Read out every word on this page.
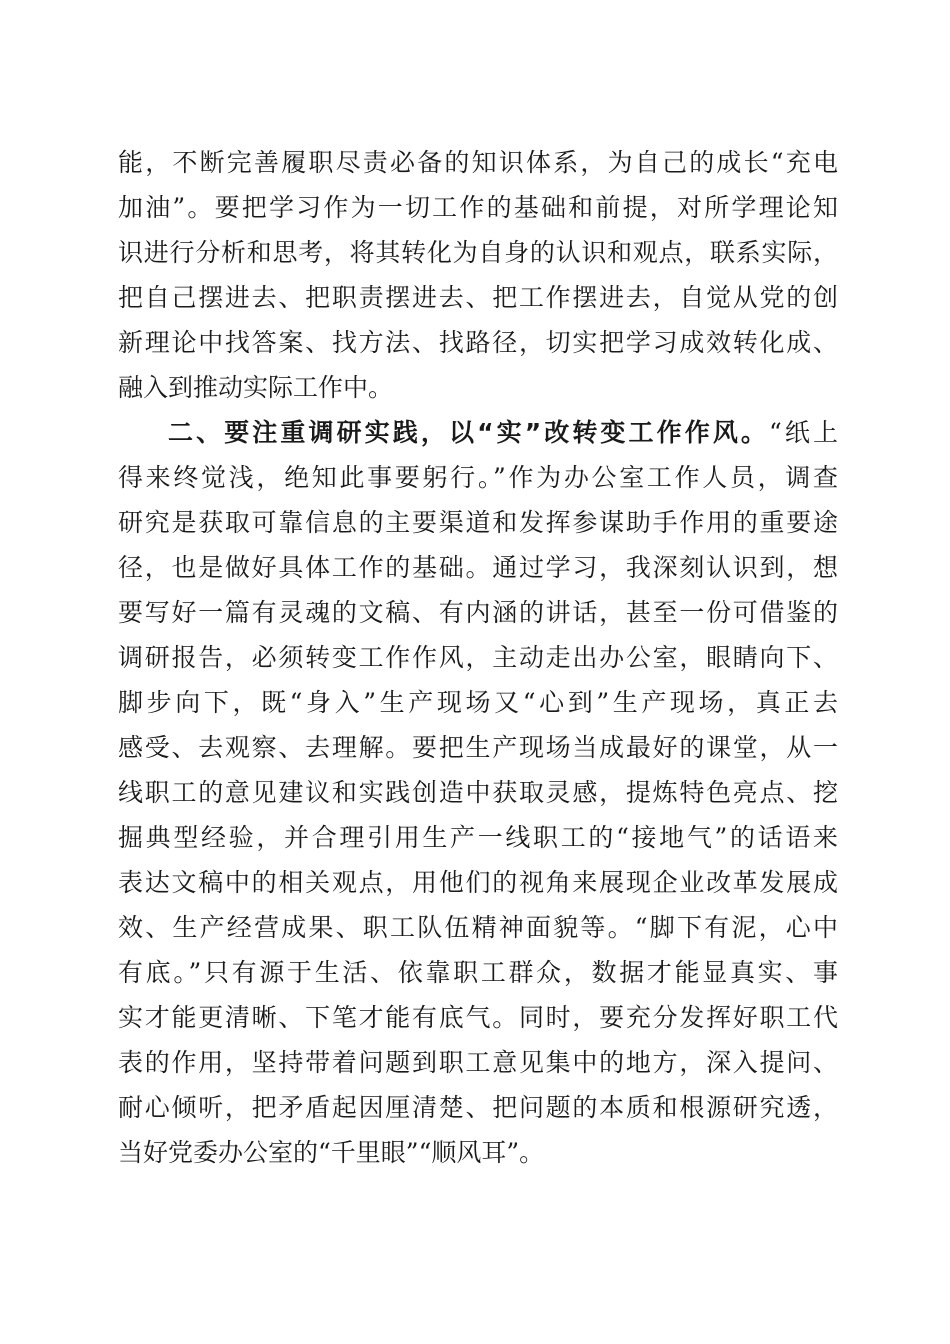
能，不断完善履职尽责必备的知识体系，为自己的成长“充电
加油”。要把学习作为一切工作的基础和前提，对所学理论知
识进行分析和思考，将其转化为自身的认识和观点，联系实际，
把自己摆进去、把职责摆进去、把工作摆进去，自觉从党的创
新理论中找答案、找方法、找路径，切实把学习成效转化成、
融入到推动实际工作中。
二、要注重调研实践，以“实”改转变工作作风。“纸上
得来终觉浅，绝知此事要躬行。”作为办公室工作人员，调查
研究是获取可靠信息的主要渠道和发挥参谋助手作用的重要途
径，也是做好具体工作的基础。通过学习，我深刻认识到，想
要写好一篇有灵魂的文稿、有内涵的讲话，甚至一份可借鉴的
调研报告，必须转变工作作风，主动走出办公室，眼睛向下、
脚步向下，既“身入”生产现场又“心到”生产现场，真正去
感受、去观察、去理解。要把生产现场当成最好的课堂，从一
线职工的意见建议和实践创造中获取灵感，提炼特色亮点、挖
掘典型经验，并合理引用生产一线职工的“接地气”的话语来
表达文稿中的相关观点，用他们的视角来展现企业改革发展成
效、生产经营成果、职工队伍精神面貌等。“脚下有泥，心中
有底。”只有源于生活、依靠职工群众，数据才能显真实、事
实才能更清晰、下笔才能有底气。同时，要充分发挥好职工代
表的作用，坚持带着问题到职工意见集中的地方，深入提问、
耐心倾听，把矛盾起因厘清楚、把问题的本质和根源研究透，
当好党委办公室的“千里眼”“顺风耳”。
